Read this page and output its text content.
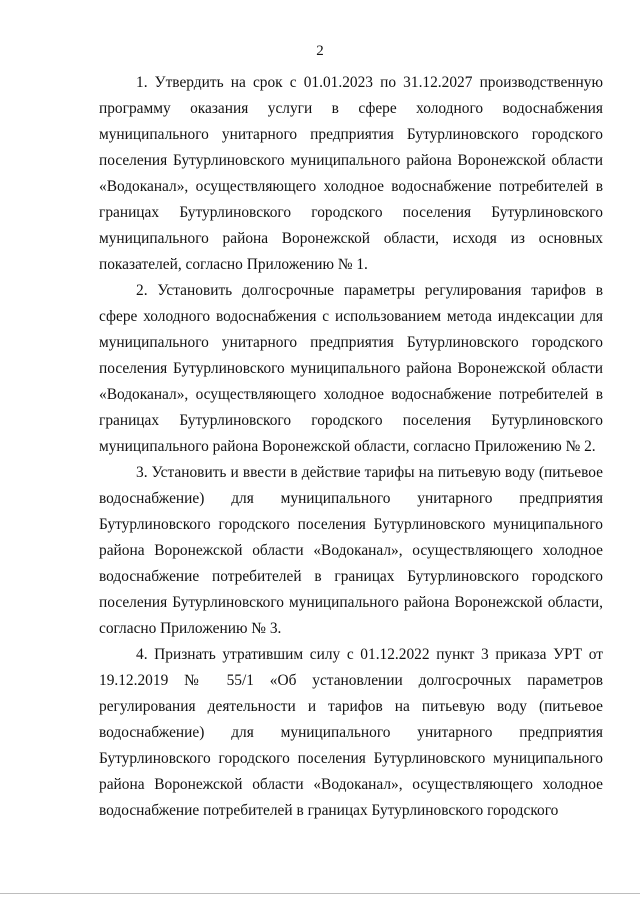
2

1. Утвердить на срок с 01.01.2023 по 31.12.2027 производственную программу оказания услуги в сфере холодного водоснабжения муниципального унитарного предприятия Бутурлиновского городского поселения Бутурлиновского муниципального района Воронежской области «Водоканал», осуществляющего холодное водоснабжение потребителей в границах Бутурлиновского городского поселения Бутурлиновского муниципального района Воронежской области, исходя из основных показателей, согласно Приложению № 1.

2. Установить долгосрочные параметры регулирования тарифов в сфере холодного водоснабжения с использованием метода индексации для муниципального унитарного предприятия Бутурлиновского городского поселения Бутурлиновского муниципального района Воронежской области «Водоканал», осуществляющего холодное водоснабжение потребителей в границах Бутурлиновского городского поселения Бутурлиновского муниципального района Воронежской области, согласно Приложению № 2.

3. Установить и ввести в действие тарифы на питьевую воду (питьевое водоснабжение) для муниципального унитарного предприятия Бутурлиновского городского поселения Бутурлиновского муниципального района Воронежской области «Водоканал», осуществляющего холодное водоснабжение потребителей в границах Бутурлиновского городского поселения Бутурлиновского муниципального района Воронежской области, согласно Приложению № 3.

4. Признать утратившим силу с 01.12.2022 пункт 3 приказа УРТ от 19.12.2019 № 55/1 «Об установлении долгосрочных параметров регулирования деятельности и тарифов на питьевую воду (питьевое водоснабжение) для муниципального унитарного предприятия Бутурлиновского городского поселения Бутурлиновского муниципального района Воронежской области «Водоканал», осуществляющего холодное водоснабжение потребителей в границах Бутурлиновского городского
